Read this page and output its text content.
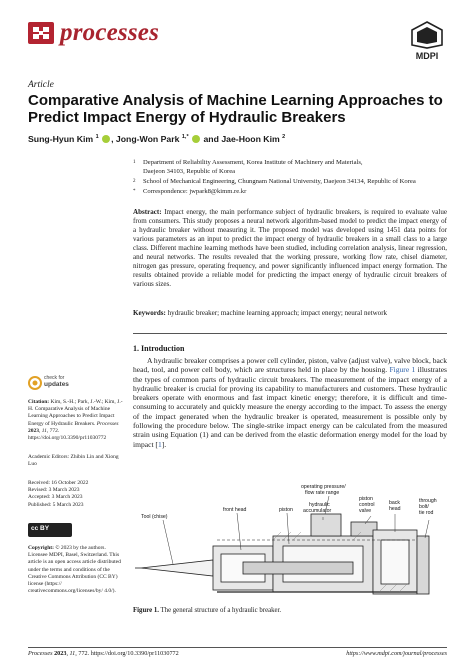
processes
MDPI
Article
Comparative Analysis of Machine Learning Approaches to Predict Impact Energy of Hydraulic Breakers
Sung-Hyun Kim $^1$ , Jong-Won Park $^{1,*}$  and Jae-Hoon Kim $^2$
1 Department of Reliability Assessment, Korea Institute of Machinery and Materials,
Daejeon 34103, Republic of Korea
2 School of Mechanical Engineering, Chungnam National University, Daejeon 34134, Republic of Korea
* Correspondence: jwpark8@kimm.re.kr
Abstract: Impact energy, the main performance subject of hydraulic breakers, is required to evaluate value from consumers. This study proposes a neural network algorithm-based model to predict the impact energy of a hydraulic breaker without measuring it. The proposed model was developed using 1451 data points for various parameters as an input to predict the impact energy of hydraulic breakers in a small class to a large class. Different machine learning methods have been studied, including correlation analysis, linear regression, and neural networks. The results revealed that the working pressure, working flow rate, chisel diameter, nitrogen gas pressure, operating frequency, and power significantly influenced impact energy formation. The results obtained provide a reliable model for predicting the impact energy of hydraulic circuit breakers of various sizes.
Keywords: hydraulic breaker; machine learning approach; impact energy; neural network
1. Introduction
A hydraulic breaker comprises a power cell cylinder, piston, valve (adjust valve), valve block, back head, tool, and power cell body, which are structures held in place by the housing. Figure 1 illustrates the types of common parts of hydraulic circuit breakers. The measurement of the impact energy of a hydraulic breaker is crucial for proving its capability to manufacturers and customers. These hydraulic breakers operate with enormous and fast impact kinetic energy; therefore, it is difficult and time-consuming to accurately and quickly measure the energy according to the impact. To assess the energy of the impact generated when the hydraulic breaker is operated, measurement is possible only by following the procedure below. The single-strike impact energy can be calculated from the measured strain using Equation (1) and can be derived from the elastic deformation energy model for the load by impact [1].
check for
updates
Citation: Kim, S.-H.; Park, J.-W.; Kim, J.-H. Comparative Analysis of Machine Learning Approaches to Predict Impact Energy of Hydraulic Breakers. Processes 2023, 11, 772. https://doi.org/10.3390/pr11030772
Academic Editors: Zhibin Lin and Xiong Luo
Received: 16 October 2022
Revised: 3 March 2023
Accepted: 3 March 2023
Published: 5 March 2023
cc BY
Copyright: © 2023 by the authors. Licensee MDPI, Basel, Switzerland. This article is an open access article distributed under the terms and conditions of the Creative Commons Attribution (CC BY) license (https:// creativecommons.org/licenses/by/ 4.0/).
Tool (chise)
front head	piston
operating pressure/
flow rate range
hydraulic
accumulator
piston
control
valve
back
head
through
bolt/
tie rod
Figure 1. The general structure of a hydraulic breaker.
Processes 2023, 11, 772. https://doi.org/10.3390/pr11030772	https://www.mdpi.com/journal/processes
